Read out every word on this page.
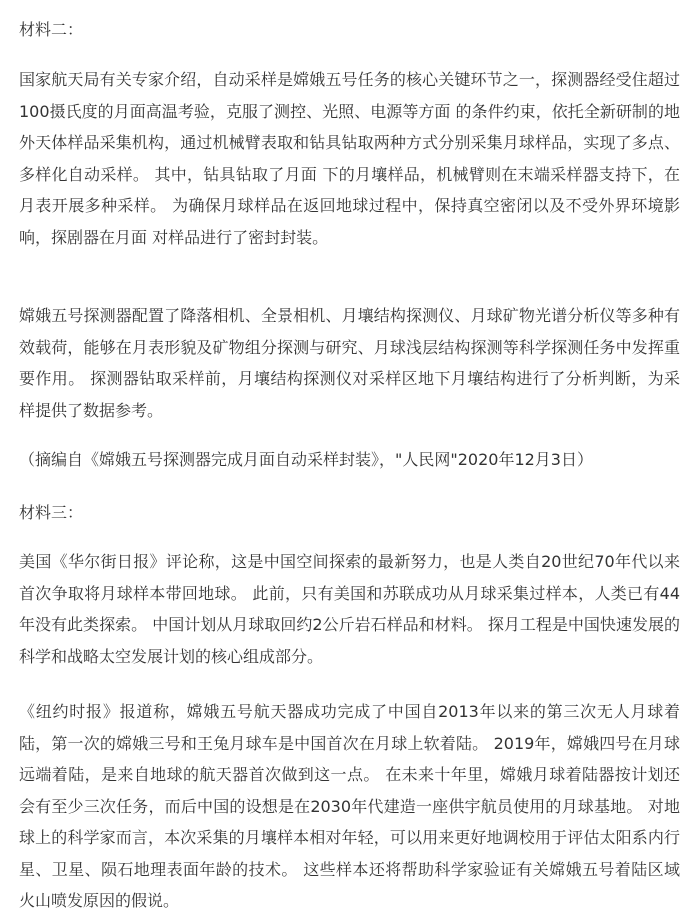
材料二：

国家航天局有关专家介绍，自动采样是嫦娥五号任务的核心关键环节之一，探测器经受住超过100摄氏度的月面高温考验，克服了测控、光照、电源等方面 的条件约束，依托全新研制的地外天体样品采集机构，通过机械臂表取和钻具钻取两种方式分别采集月球样品，实现了多点、多样化自动采样。 其中，钻具钻取了月面 下的月壤样品，机械臂则在末端采样器支持下，在月表开展多种采样。 为确保月球样品在返回地球过程中，保持真空密闭以及不受外界环境影响，探剧器在月面 对样品进行了密封封装。

嫦娥五号探测器配置了降落相机、全景相机、月壤结构探测仪、月球矿物光谱分析仪等多种有效载荷，能够在月表形貌及矿物组分探测与研究、月球浅层结构探测等科学探测任务中发挥重要作用。 探测器钻取采样前，月壤结构探测仪对采样区地下月壤结构进行了分析判断，为采样提供了数据参考。

（摘编自《嫦娥五号探测器完成月面自动采样封装》，"人民网"2020年12月3日）

材料三：

美国《华尔街日报》评论称，这是中国空间探索的最新努力，也是人类自20世纪70年代以来首次争取将月球样本带回地球。 此前，只有美国和苏联成功从月球采集过样本，人类已有44年没有此类探索。 中国计划从月球取回约2公斤岩石样品和材料。 探月工程是中国快速发展的科学和战略太空发展计划的核心组成部分。

《纽约时报》报道称，嫦娥五号航天器成功完成了中国自2013年以来的第三次无人月球着陆，第一次的嫦娥三号和王兔月球车是中国首次在月球上软着陆。 2019年，嫦娥四号在月球远端着陆，是来自地球的航天器首次做到这一点。 在未来十年里，嫦娥月球着陆器按计划还会有至少三次任务，而后中国的设想是在2030年代建造一座供宇航员使用的月球基地。 对地球上的科学家而言，本次采集的月壤样本相对年轻，可以用来更好地调校用于评估太阳系内行星、卫星、陨石地理表面年龄的技术。 这些样本还将帮助科学家验证有关嫦娥五号着陆区域火山喷发原因的假说。
